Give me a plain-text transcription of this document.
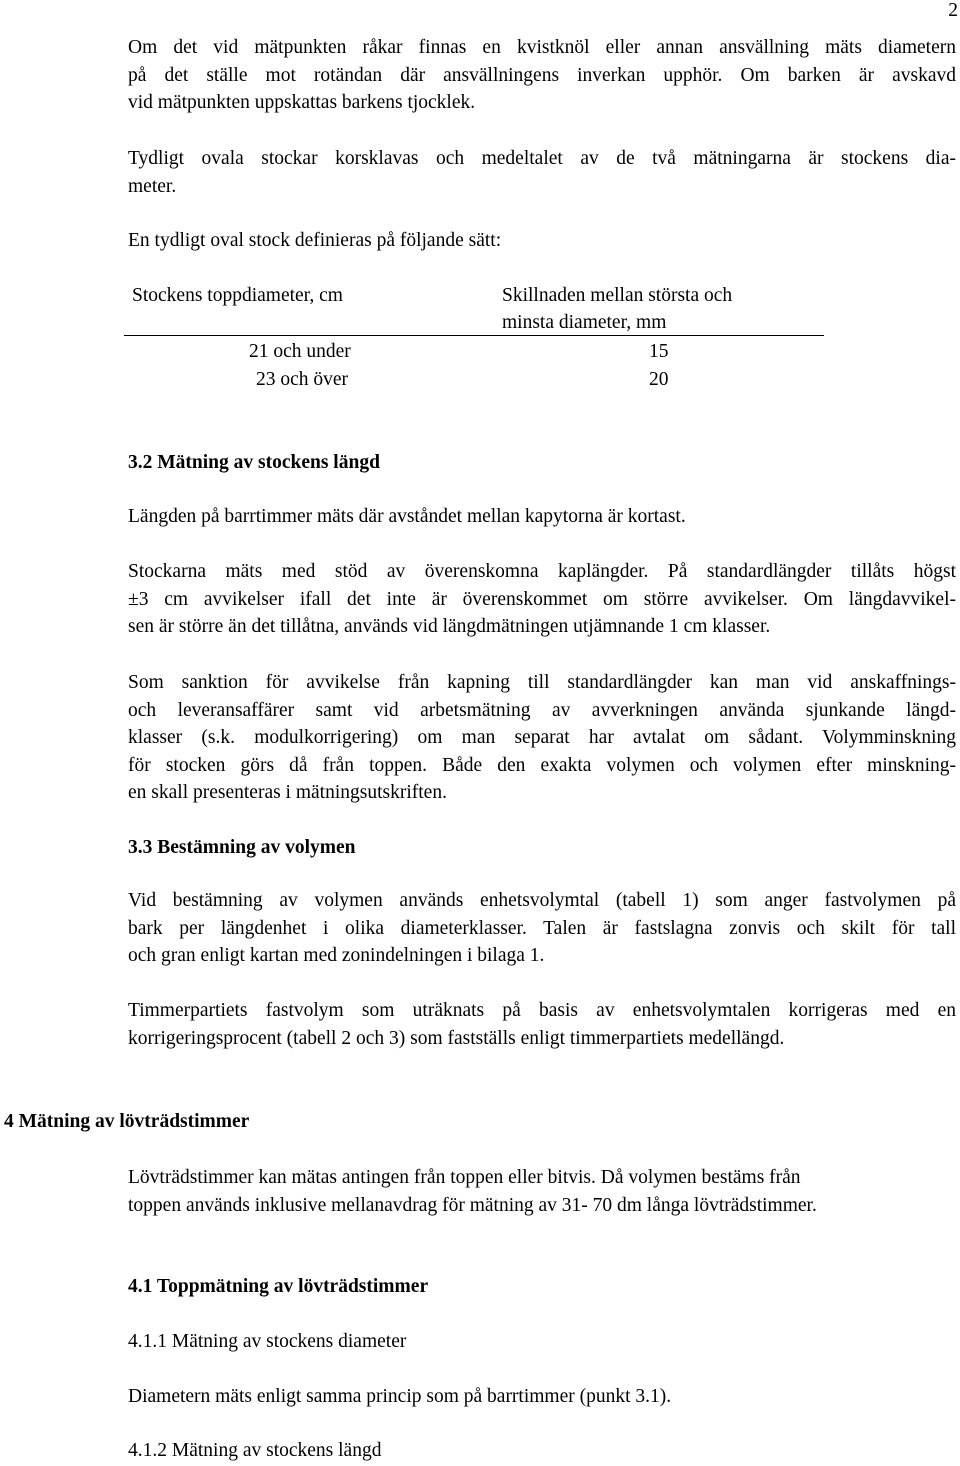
2
Om det vid mätpunkten råkar finnas en kvistknöl eller annan ansvällning mäts diametern
på det ställe mot rotändan där ansvällningens inverkan upphör. Om barken är avskavd
vid mätpunkten uppskattas barkens tjocklek.
Tydligt ovala stockar korsklavas och medeltalet av de två mätningarna är stockens dia-
meter.
En tydligt oval stock definieras på följande sätt:
Stockens toppdiameter, cm	Skillnaden mellan största och
minsta diameter, mm
21 och under	15
23 och över	20
3.2 Mätning av stockens längd
Längden på barrtimmer mäts där avståndet mellan kapytorna är kortast.
Stockarna mäts med stöd av överenskomna kaplängder. På standardlängder tillåts högst
±3 cm avvikelser ifall det inte är överenskommet om större avvikelser. Om längdavvikel-
sen är större än det tillåtna, används vid längdmätningen utjämnande 1 cm klasser.
Som sanktion för avvikelse från kapning till standardlängder kan man vid anskaffnings-
och leveransaffärer samt vid arbetsmätning av avverkningen använda sjunkande längd-
klasser (s.k. modulkorrigering) om man separat har avtalat om sådant. Volymminskning
för stocken görs då från toppen. Både den exakta volymen och volymen efter minskning-
en skall presenteras i mätningsutskriften.
3.3 Bestämning av volymen
Vid bestämning av volymen används enhetsvolymtal (tabell 1) som anger fastvolymen på
bark per längdenhet i olika diameterklasser. Talen är fastslagna zonvis och skilt för tall
och gran enligt kartan med zonindelningen i bilaga 1.
Timmerpartiets fastvolym som uträknats på basis av enhetsvolymtalen korrigeras med en
korrigeringsprocent (tabell 2 och 3) som fastställs enligt timmerpartiets medellängd.
4 Mätning av lövträdstimmer
Lövträdstimmer kan mätas antingen från toppen eller bitvis. Då volymen bestäms från
toppen används inklusive mellanavdrag för mätning av 31- 70 dm långa lövträdstimmer.
4.1 Toppmätning av lövträdstimmer
4.1.1 Mätning av stockens diameter
Diametern mäts enligt samma princip som på barrtimmer (punkt 3.1).
4.1.2 Mätning av stockens längd
